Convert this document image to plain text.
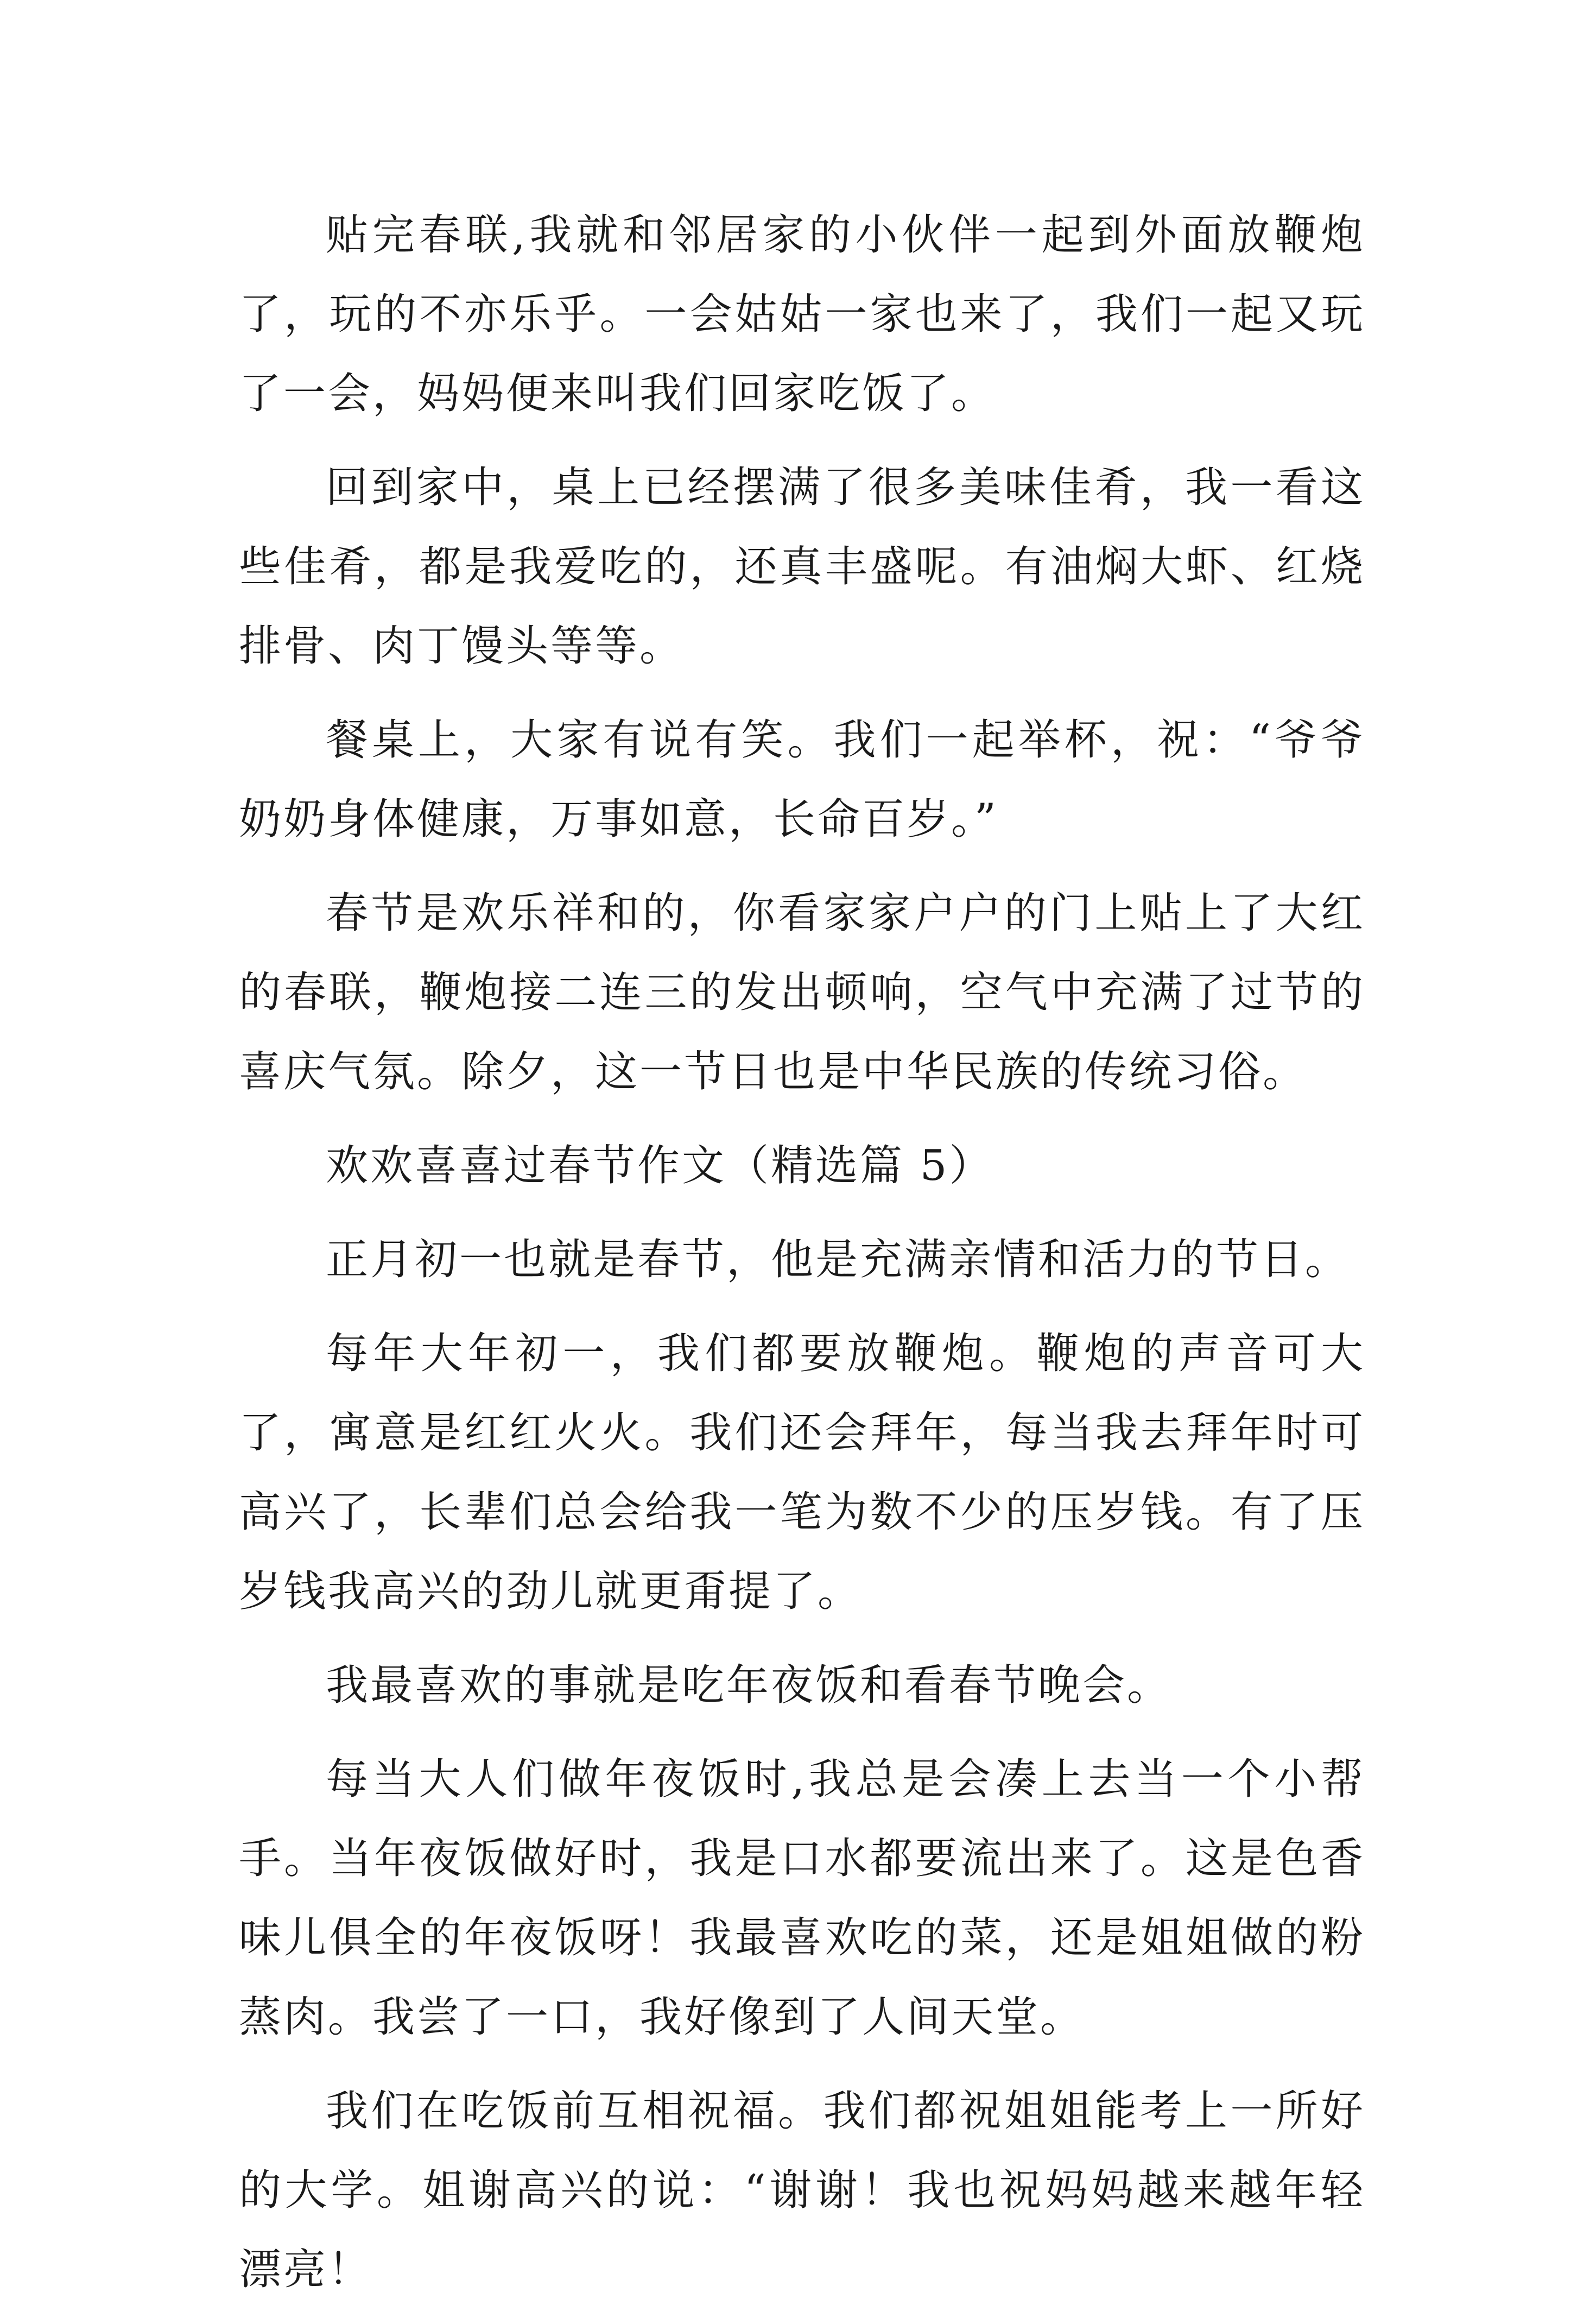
贴完春联,我就和邻居家的小伙伴一起到外面放鞭炮了，玩的不亦乐乎。一会姑姑一家也来了，我们一起又玩了一会，妈妈便来叫我们回家吃饭了。

回到家中，桌上已经摆满了很多美味佳肴，我一看这些佳肴，都是我爱吃的，还真丰盛呢。有油焖大虾、红烧排骨、肉丁馒头等等。

餐桌上，大家有说有笑。我们一起举杯，祝：“爷爷奶奶身体健康，万事如意，长命百岁。”

春节是欢乐祥和的，你看家家户户的门上贴上了大红的春联，鞭炮接二连三的发出顿响，空气中充满了过节的喜庆气氛。除夕，这一节日也是中华民族的传统习俗。

欢欢喜喜过春节作文（精选篇 5）

正月初一也就是春节，他是充满亲情和活力的节日。

每年大年初一，我们都要放鞭炮。鞭炮的声音可大了，寓意是红红火火。我们还会拜年，每当我去拜年时可高兴了，长辈们总会给我一笔为数不少的压岁钱。有了压岁钱我高兴的劲儿就更甭提了。

我最喜欢的事就是吃年夜饭和看春节晚会。

每当大人们做年夜饭时,我总是会凑上去当一个小帮手。当年夜饭做好时，我是口水都要流出来了。这是色香味儿俱全的年夜饭呀！我最喜欢吃的菜，还是姐姐做的粉蒸肉。我尝了一口，我好像到了人间天堂。

我们在吃饭前互相祝福。我们都祝姐姐能考上一所好的大学。姐谢高兴的说：“谢谢！我也祝妈妈越来越年轻漂亮！
